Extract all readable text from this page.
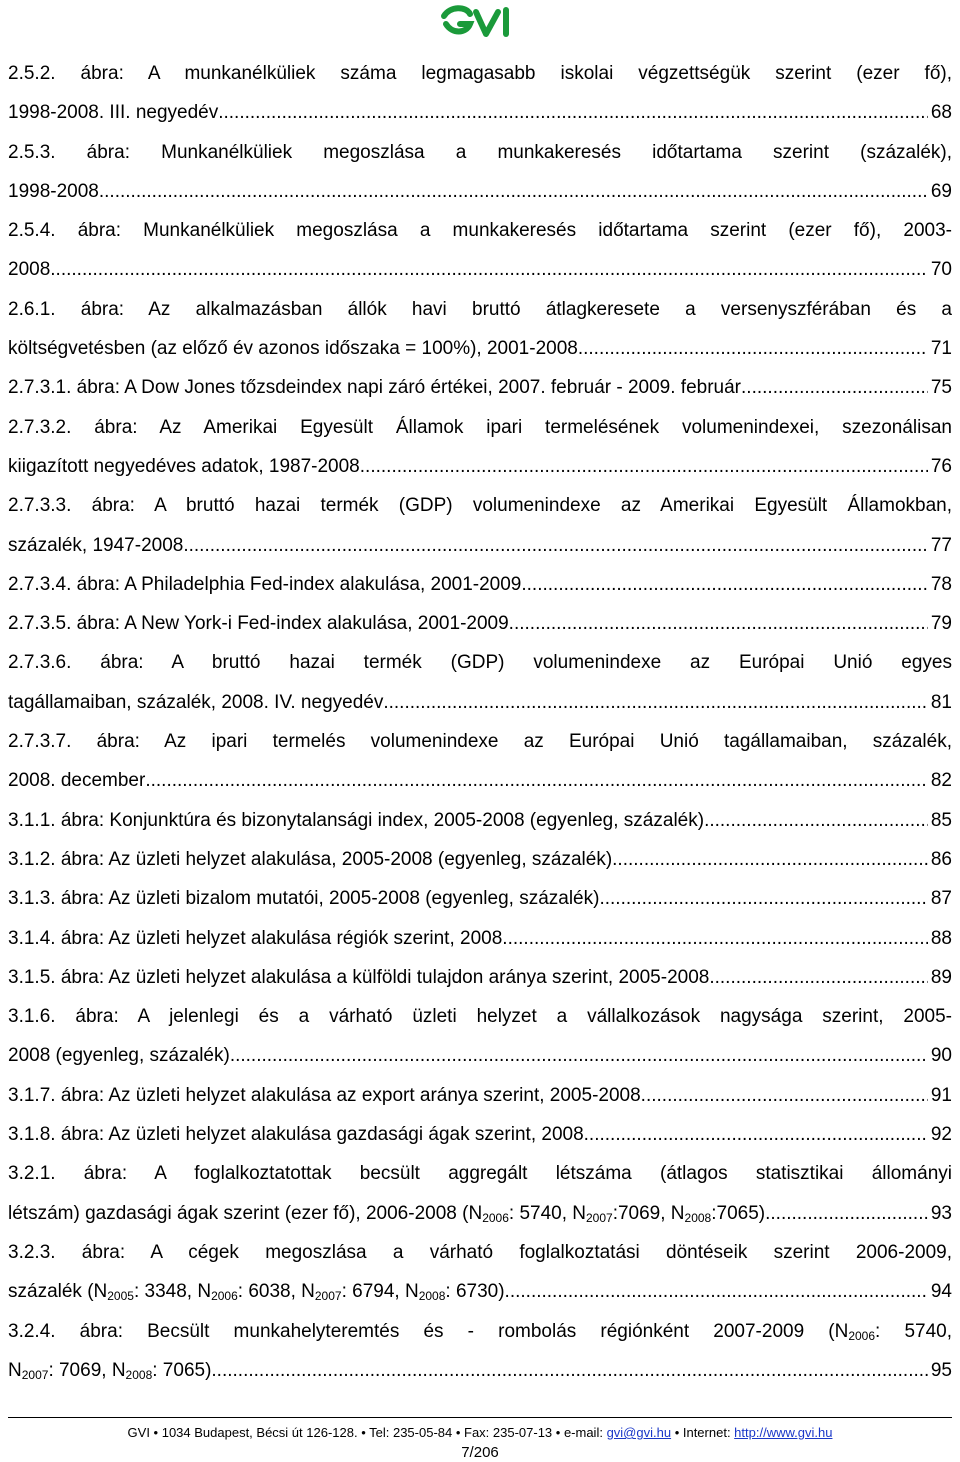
2.5.2. ábra: A munkanélküliek száma legmagasabb iskolai végzettségük szerint (ezer fő),
1998-2008. III. negyedév .....	68
2.5.3. ábra: Munkanélküliek megoszlása a munkakeresés időtartama szerint (százalék),
1998-2008 .....	69
2.5.4. ábra: Munkanélküliek megoszlása a munkakeresés időtartama szerint (ezer fő), 2003-
2008 .....	70
2.6.1. ábra: Az alkalmazásban állók havi bruttó átlagkeresete a versenyszférában és a
költségvetésben (az előző év azonos időszaka = 100%), 2001-2008 .....	71
2.7.3.1. ábra: A Dow Jones tőzsdeindex napi záró értékei, 2007. február - 2009. február .....	75
2.7.3.2. ábra: Az Amerikai Egyesült Államok ipari termelésének volumenindexei, szezonálisan
kiigazított negyedéves adatok, 1987-2008 .....	76
2.7.3.3. ábra: A bruttó hazai termék (GDP) volumenindexe az Amerikai Egyesült Államokban,
százalék, 1947-2008 .....	77
2.7.3.4. ábra: A Philadelphia Fed-index alakulása, 2001-2009 .....	78
2.7.3.5. ábra: A New York-i Fed-index alakulása, 2001-2009 .....	79
2.7.3.6. ábra: A bruttó hazai termék (GDP) volumenindexe az Európai Unió egyes
tagállamaiban, százalék, 2008. IV. negyedév .....	81
2.7.3.7. ábra: Az ipari termelés volumenindexe az Európai Unió tagállamaiban, százalék,
2008. december .....	82
3.1.1. ábra: Konjunktúra és bizonytalansági index, 2005-2008 (egyenleg, százalék) .....	85
3.1.2. ábra: Az üzleti helyzet alakulása, 2005-2008 (egyenleg, százalék) .....	86
3.1.3. ábra: Az üzleti bizalom mutatói, 2005-2008 (egyenleg, százalék) .....	87
3.1.4. ábra: Az üzleti helyzet alakulása régiók szerint, 2008 .....	88
3.1.5. ábra: Az üzleti helyzet alakulása a külföldi tulajdon aránya szerint, 2005-2008 .....	89
3.1.6. ábra: A jelenlegi és a várható üzleti helyzet a vállalkozások nagysága szerint, 2005-
2008 (egyenleg, százalék) .....	90
3.1.7. ábra: Az üzleti helyzet alakulása az export aránya szerint, 2005-2008 .....	91
3.1.8. ábra: Az üzleti helyzet alakulása gazdasági ágak szerint, 2008 .....	92
3.2.1. ábra: A foglalkoztatottak becsült aggregált létszáma (átlagos statisztikai állományi
létszám) gazdasági ágak szerint (ezer fő), 2006-2008 ($N_{2006}$: 5740, $N_{2007}:7069$, $N_{2008}:7065$) .....	93
3.2.3. ábra: A cégek megoszlása a várható foglalkoztatási döntéseik szerint 2006-2009,
százalék ($N_{2005}$: 3348, $N_{2006}$: 6038, $N_{2007}$: 6794, $N_{2008}$: 6730) .....	94
3.2.4. ábra: Becsült munkahelyteremtés és - rombolás régiónként 2007-2009 ($N_{2006}$: 5740,
$N_{2007}$: 7069, $N_{2008}$: 7065) .....	95
GVI • 1034 Budapest, Bécsi út 126-128. • Tel: 235-05-84 • Fax: 235-07-13 • e-mail: gvi@gvi.hu • Internet: http://www.gvi.hu
7/206
